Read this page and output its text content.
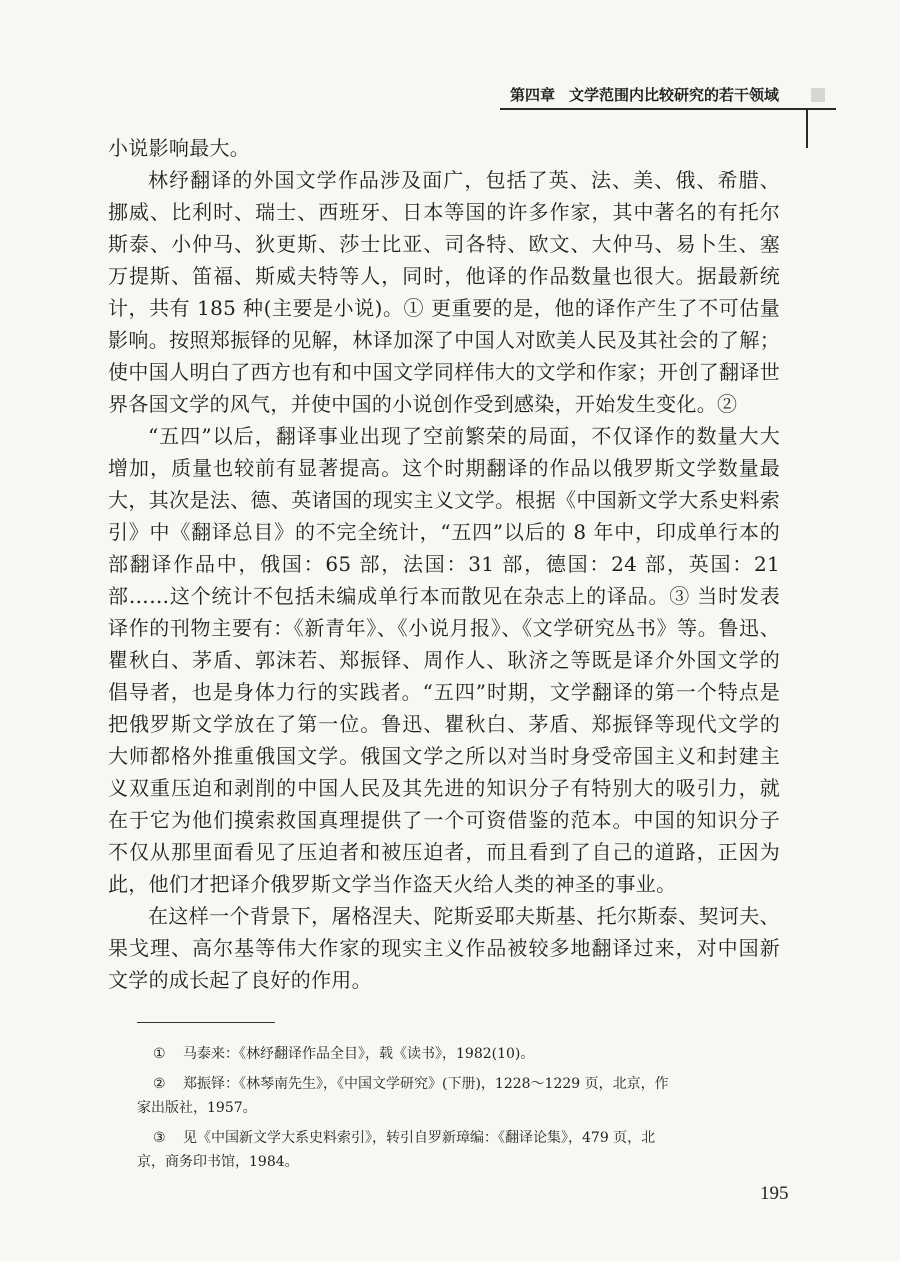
第四章 文学范围内比较研究的若干领域
小说影响最大。
林纾翻译的外国文学作品涉及面广，包括了英、法、美、俄、希腊、
挪威、比利时、瑞士、西班牙、日本等国的许多作家，其中著名的有托尔
斯泰、小仲马、狄更斯、莎士比亚、司各特、欧文、大仲马、易卜生、塞
万提斯、笛福、斯威夫特等人，同时，他译的作品数量也很大。据最新统
计，共有 185 种(主要是小说)。① 更重要的是，他的译作产生了不可估量
影响。按照郑振铎的见解，林译加深了中国人对欧美人民及其社会的了解；
使中国人明白了西方也有和中国文学同样伟大的文学和作家；开创了翻译世
界各国文学的风气，并使中国的小说创作受到感染，开始发生变化。②
“五四”以后，翻译事业出现了空前繁荣的局面，不仅译作的数量大大
增加，质量也较前有显著提高。这个时期翻译的作品以俄罗斯文学数量最
大，其次是法、德、英诸国的现实主义文学。根据《中国新文学大系史料索
引》中《翻译总目》的不完全统计，“五四”以后的 8 年中，印成单行本的
部翻译作品中，俄国：65 部，法国：31 部，德国：24 部，英国：21
部……这个统计不包括未编成单行本而散见在杂志上的译品。③ 当时发表
译作的刊物主要有：《新青年》、《小说月报》、《文学研究丛书》等。鲁迅、
瞿秋白、茅盾、郭沫若、郑振铎、周作人、耿济之等既是译介外国文学的
倡导者，也是身体力行的实践者。“五四”时期，文学翻译的第一个特点是
把俄罗斯文学放在了第一位。鲁迅、瞿秋白、茅盾、郑振铎等现代文学的
大师都格外推重俄国文学。俄国文学之所以对当时身受帝国主义和封建主
义双重压迫和剥削的中国人民及其先进的知识分子有特别大的吸引力，就
在于它为他们摸索救国真理提供了一个可资借鉴的范本。中国的知识分子
不仅从那里面看见了压迫者和被压迫者，而且看到了自己的道路，正因为
此，他们才把译介俄罗斯文学当作盗天火给人类的神圣的事业。
在这样一个背景下，屠格涅夫、陀斯妥耶夫斯基、托尔斯泰、契诃夫、
果戈理、高尔基等伟大作家的现实主义作品被较多地翻译过来，对中国新
文学的成长起了良好的作用。
① 马泰来：《林纾翻译作品全目》，载《读书》，1982(10)。
② 郑振铎：《林琴南先生》，《中国文学研究》(下册)，1228～1229 页，北京，作
家出版社，1957。
③ 见《中国新文学大系史料索引》，转引自罗新璋编：《翻译论集》，479 页，北
京，商务印书馆，1984。
195
